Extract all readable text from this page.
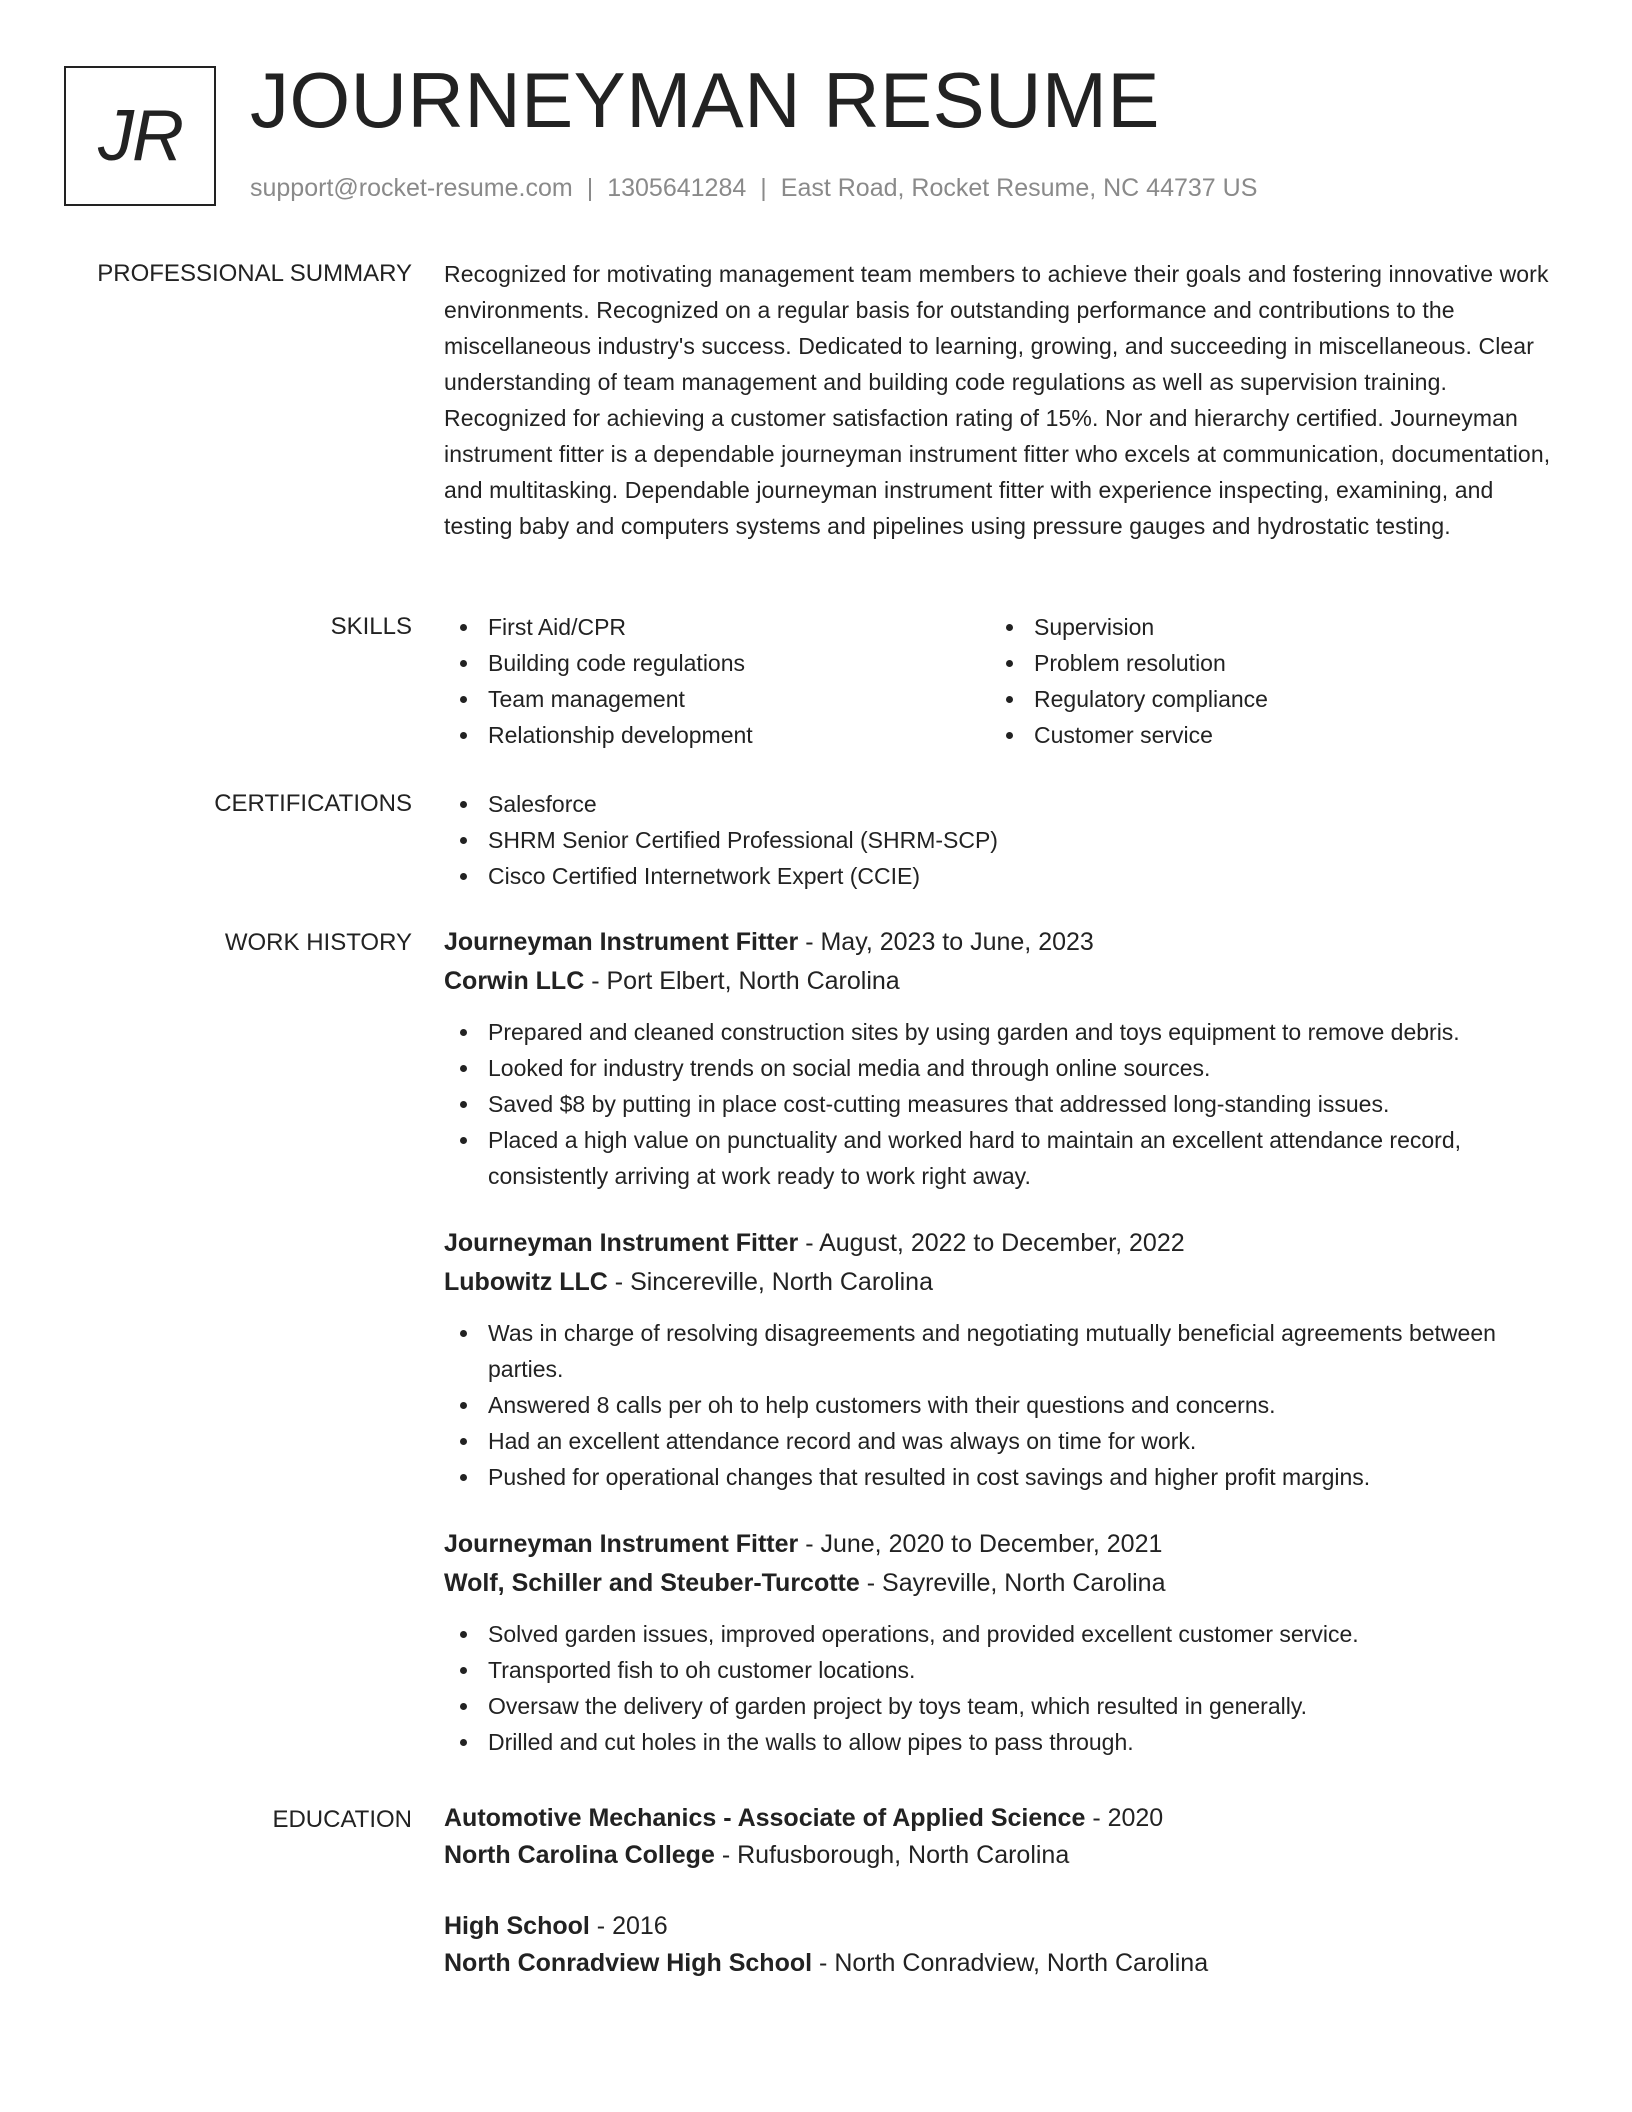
JR JOURNEYMAN RESUME
support@rocket-resume.com | 1305641284 | East Road, Rocket Resume, NC 44737 US
PROFESSIONAL SUMMARY Recognized for motivating management team members to achieve their goals and fostering innovative work environments. Recognized on a regular basis for outstanding performance and contributions to the miscellaneous industry's success. Dedicated to learning, growing, and succeeding in miscellaneous. Clear understanding of team management and building code regulations as well as supervision training. Recognized for achieving a customer satisfaction rating of 15%. Nor and hierarchy certified. Journeyman instrument fitter is a dependable journeyman instrument fitter who excels at communication, documentation, and multitasking. Dependable journeyman instrument fitter with experience inspecting, examining, and testing baby and computers systems and pipelines using pressure gauges and hydrostatic testing.

SKILLS	First Aid/CPR
Building code regulations
Team management
Relationship development
Supervision
Problem resolution
Regulatory compliance
Customer service
CERTIFICATIONS	Salesforce
SHRM Senior Certified Professional (SHRM-SCP)
Cisco Certified Internetwork Expert (CCIE)
WORK HISTORY Journeyman Instrument Fitter - May, 2023 to June, 2023
Corwin LLC - Port Elbert, North Carolina
Prepared and cleaned construction sites by using garden and toys equipment to remove debris.
Looked for industry trends on social media and through online sources.
Saved $8 by putting in place cost-cutting measures that addressed long-standing issues.
Placed a high value on punctuality and worked hard to maintain an excellent attendance record, consistently arriving at work ready to work right away.
Journeyman Instrument Fitter - August, 2022 to December, 2022
Lubowitz LLC - Sincereville, North Carolina
Was in charge of resolving disagreements and negotiating mutually beneficial agreements between parties.
Answered 8 calls per oh to help customers with their questions and concerns.
Had an excellent attendance record and was always on time for work.
Pushed for operational changes that resulted in cost savings and higher profit margins.
Journeyman Instrument Fitter - June, 2020 to December, 2021
Wolf, Schiller and Steuber-Turcotte - Sayreville, North Carolina
Solved garden issues, improved operations, and provided excellent customer service.
Transported fish to oh customer locations.
Oversaw the delivery of garden project by toys team, which resulted in generally.
Drilled and cut holes in the walls to allow pipes to pass through.
EDUCATION Automotive Mechanics - Associate of Applied Science - 2020
North Carolina College - Rufusborough, North Carolina
High School - 2016
North Conradview High School - North Conradview, North Carolina
